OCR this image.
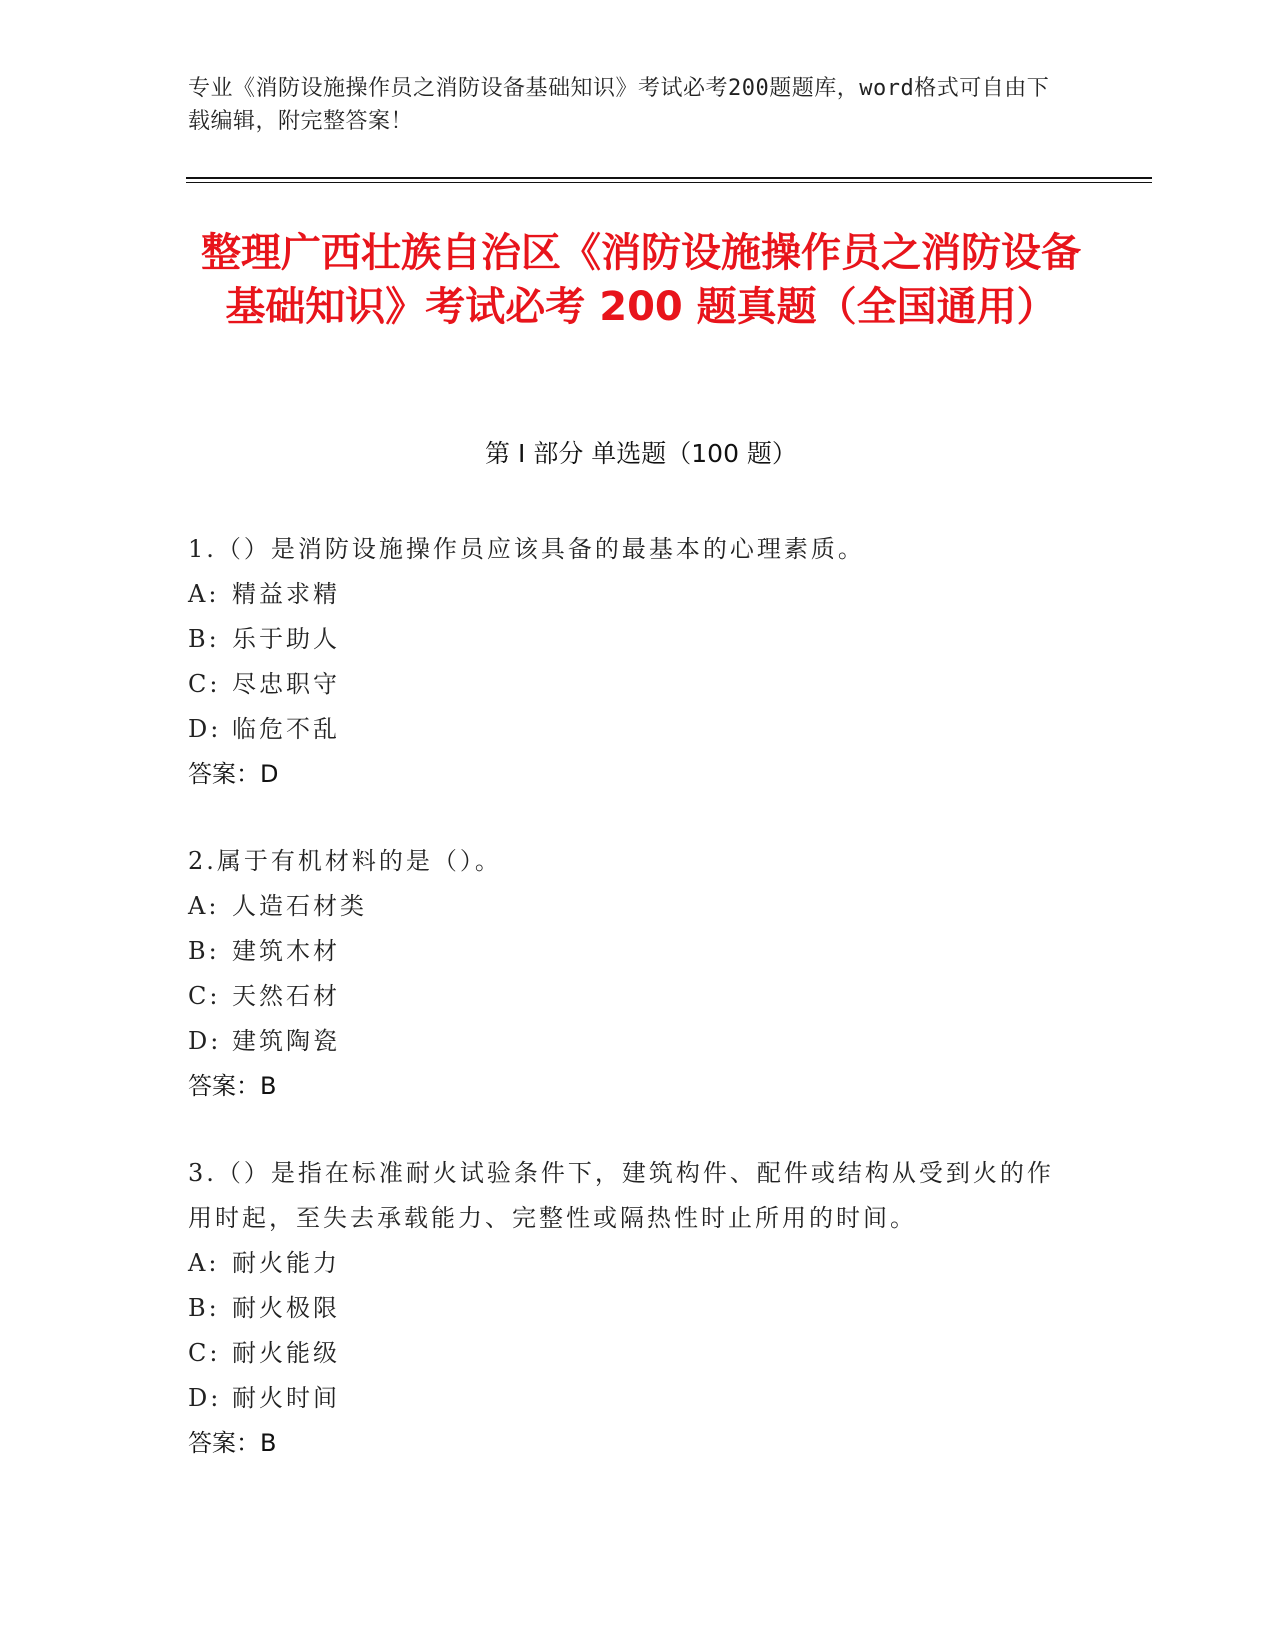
专业《消防设施操作员之消防设备基础知识》考试必考200题题库，word格式可自由下载编辑，附完整答案！
整理广西壮族自治区《消防设施操作员之消防设备基础知识》考试必考 200 题真题（全国通用）
第 I 部分 单选题（100 题）
1.（）是消防设施操作员应该具备的最基本的心理素质。
A: 精益求精
B: 乐于助人
C: 尽忠职守
D: 临危不乱
答案：D
2.属于有机材料的是（）。
A: 人造石材类
B: 建筑木材
C: 天然石材
D: 建筑陶瓷
答案：B
3.（）是指在标准耐火试验条件下，建筑构件、配件或结构从受到火的作用时起，至失去承载能力、完整性或隔热性时止所用的时间。
A: 耐火能力
B: 耐火极限
C: 耐火能级
D: 耐火时间
答案：B
